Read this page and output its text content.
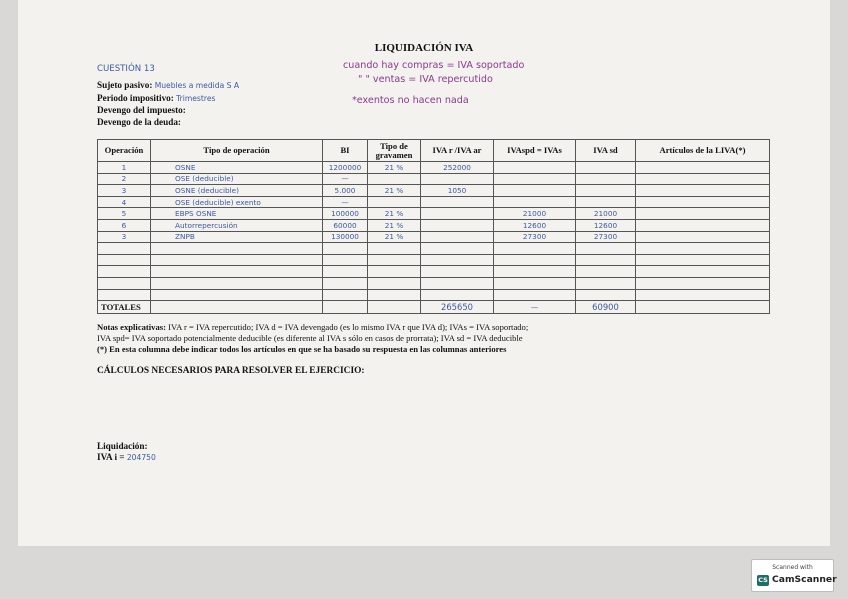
LIQUIDACIÓN IVA
CUESTIÓN 13
Sujeto pasivo: Muebles a medida S A
Periodo impositivo: Trimestres
Devengo del impuesto:
Devengo de la deuda:
cuando hay compras = IVA soportado
" " ventas = IVA repercutido
*exentos no hacen nada
Operación	Tipo de operación	BI	Tipo de gravamen	IVA r /IVA ar	IVAspd = IVAs	IVA sd	Artículos de la LIVA(*)
1	OSNE	1200000	21 %	252000			
2	OSE (deducible)	—					
3	OSNE (deducible)	5.000	21 %	1050			
4	OSE (deducible) exento	—					
5	EBPS OSNE	100000	21 %		21000	21000	
6	Autorrepercusión	60000	21 %		12600	12600	
3	ZNPB	130000	21 %		27300	27300	

TOTALES				265650	—	60900	
Notas explicativas: IVA r = IVA repercutido; IVA d = IVA devengado (es lo mismo IVA r que IVA d); IVAs = IVA soportado;
IVA spd= IVA soportado potencialmente deducible (es diferente al IVA s sólo en casos de prorrata); IVA sd = IVA deducible
(*) En esta columna debe indicar todos los artículos en que se ha basado su respuesta en las columnas anteriores
CÁLCULOS NECESARIOS PARA RESOLVER EL EJERCICIO:
Liquidación:
IVA i = 204750
Scanned with
CS CamScanner
